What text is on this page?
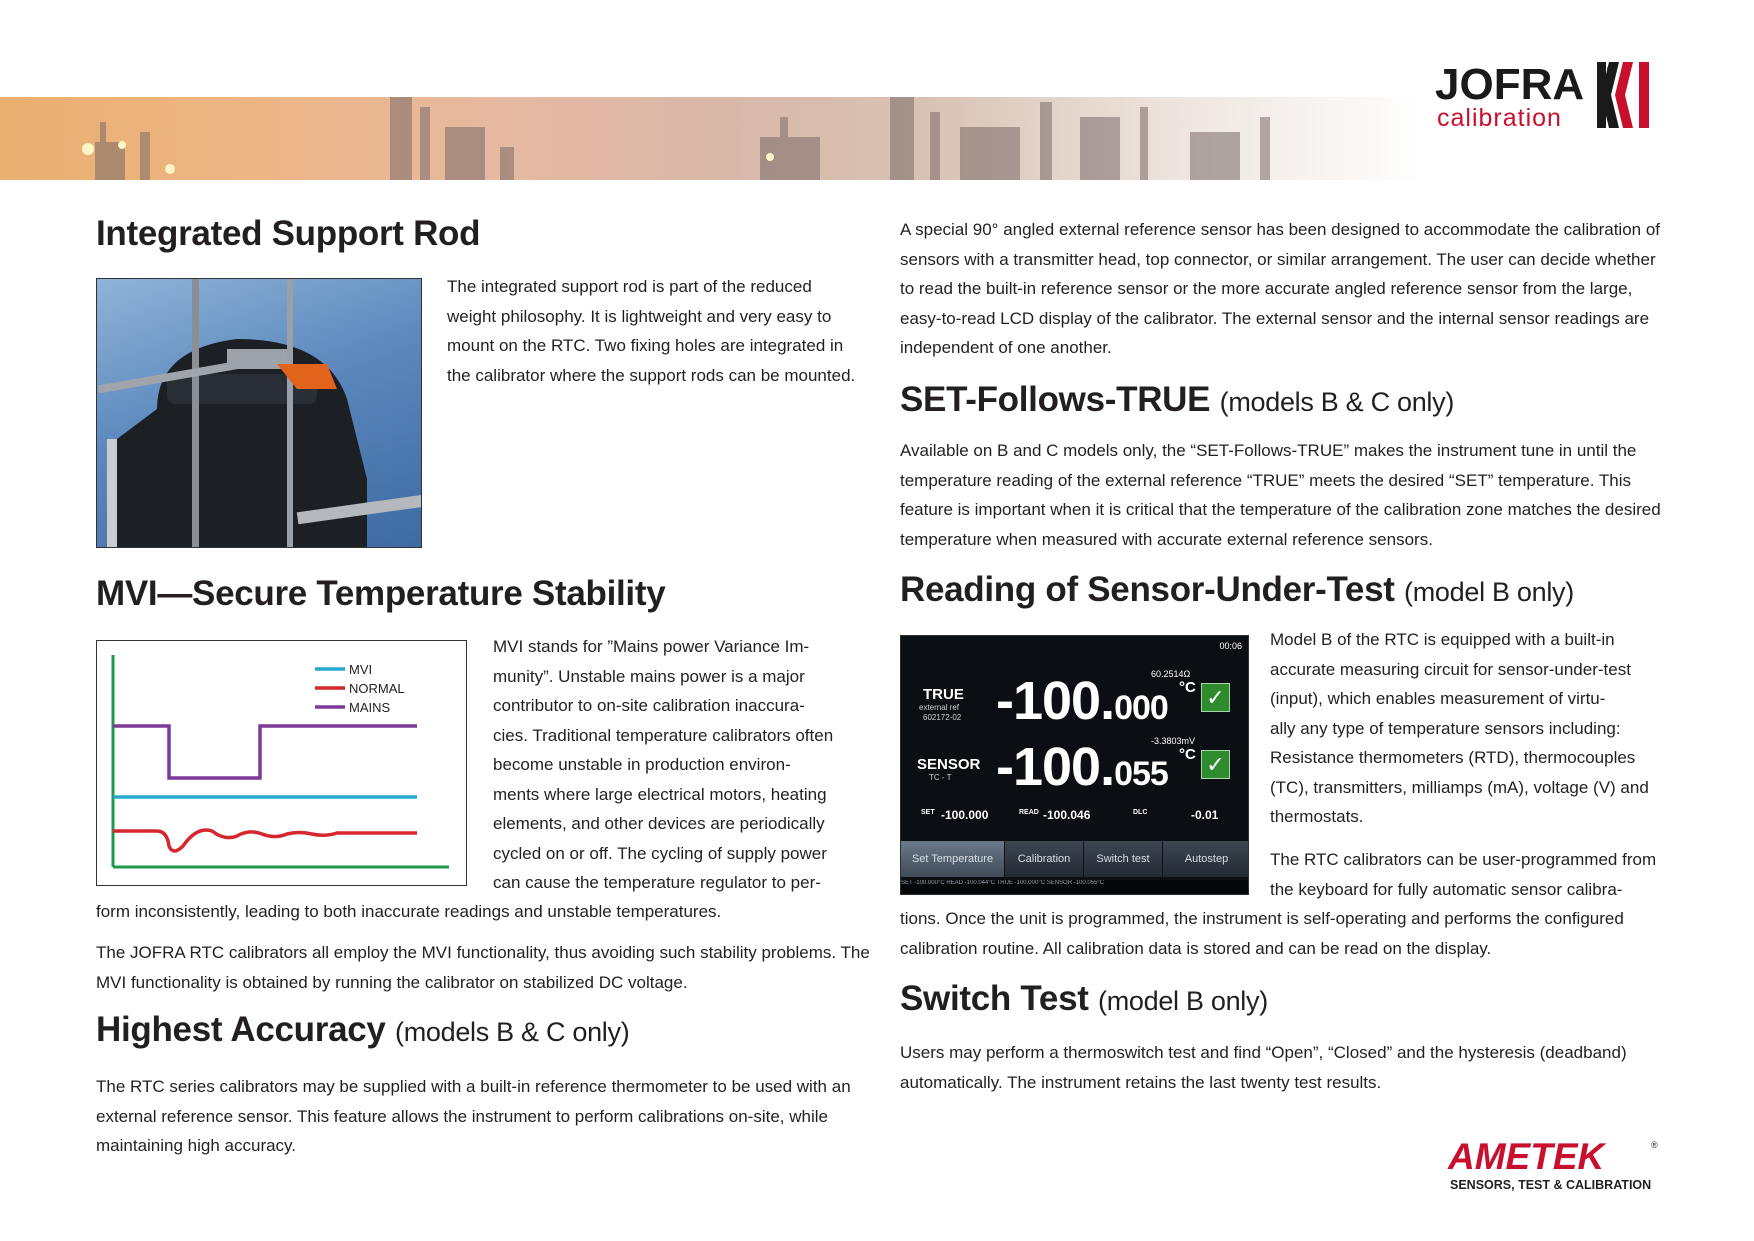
JOFRA
calibration
Integrated Support Rod

The integrated support rod is part of the reduced weight philosophy. It is lightweight and very easy to mount on the RTC. Two fixing holes are integrated in the calibrator where the support rods can be mounted.

MVI—Secure Temperature Stability
MVI
NORMAL
MAINS
MVI stands for ”Mains power Variance Im-
munity”. Unstable mains power is a major
contributor to on-site calibration inaccura-
cies. Traditional temperature calibrators often
become unstable in production environ-
ments where large electrical motors, heating
elements, and other devices are periodically
cycled on or off. The cycling of supply power
can cause the temperature regulator to per-

form inconsistently, leading to both inaccurate readings and unstable temperatures.

The JOFRA RTC calibrators all employ the MVI functionality, thus avoiding such stability problems. The MVI functionality is obtained by running the calibrator on stabilized DC voltage.

Highest Accuracy (models B & C only)

The RTC series calibrators may be supplied with a built-in reference thermometer to be used with an external reference sensor. This feature allows the instrument to perform calibrations on-site, while maintaining high accuracy.

A special 90° angled external reference sensor has been designed to accommodate the calibration of sensors with a transmitter head, top connector, or similar arrangement. The user can decide whether to read the built-in reference sensor or the more accurate angled reference sensor from the large, easy-to-read LCD display of the calibrator. The external sensor and the internal sensor readings are independent of one another.

SET-Follows-TRUE (models B & C only)

Available on B and C models only, the “SET-Follows-TRUE” makes the instrument tune in until the temperature reading of the external reference “TRUE” meets the desired “SET” temperature. This feature is important when it is critical that the temperature of the calibration zone matches the desired temperature when measured with accurate external reference sensors.

Reading of Sensor-Under-Test (model B only)
00:06
TRUE
external ref
602172-02 -100.000
60.2514Ω
°C ✓
SENSOR
TC - T -100.055
-3.3803mV
°C ✓
SET -100.000	READ -100.046	DLC	-0.01
Set Temperature	Calibration	Switch test	Autostep
SET -100.000°C READ -100.044°C TRUE -100.000°C SENSOR -100.055°C
Model B of the RTC is equipped with a built-in
accurate measuring circuit for sensor-under-test
(input), which enables measurement of virtu-
ally any type of temperature sensors including:
Resistance thermometers (RTD), thermocouples
(TC), transmitters, milliamps (mA), voltage (V) and
thermostats.
The RTC calibrators can be user-programmed from
the keyboard for fully automatic sensor calibra-

tions. Once the unit is programmed, the instrument is self-operating and performs the configured calibration routine. All calibration data is stored and can be read on the display.

Switch Test (model B only)

Users may perform a thermoswitch test and find “Open”, “Closed” and the hysteresis (deadband) automatically. The instrument retains the last twenty test results.

AMETEK	®
SENSORS, TEST & CALIBRATION
